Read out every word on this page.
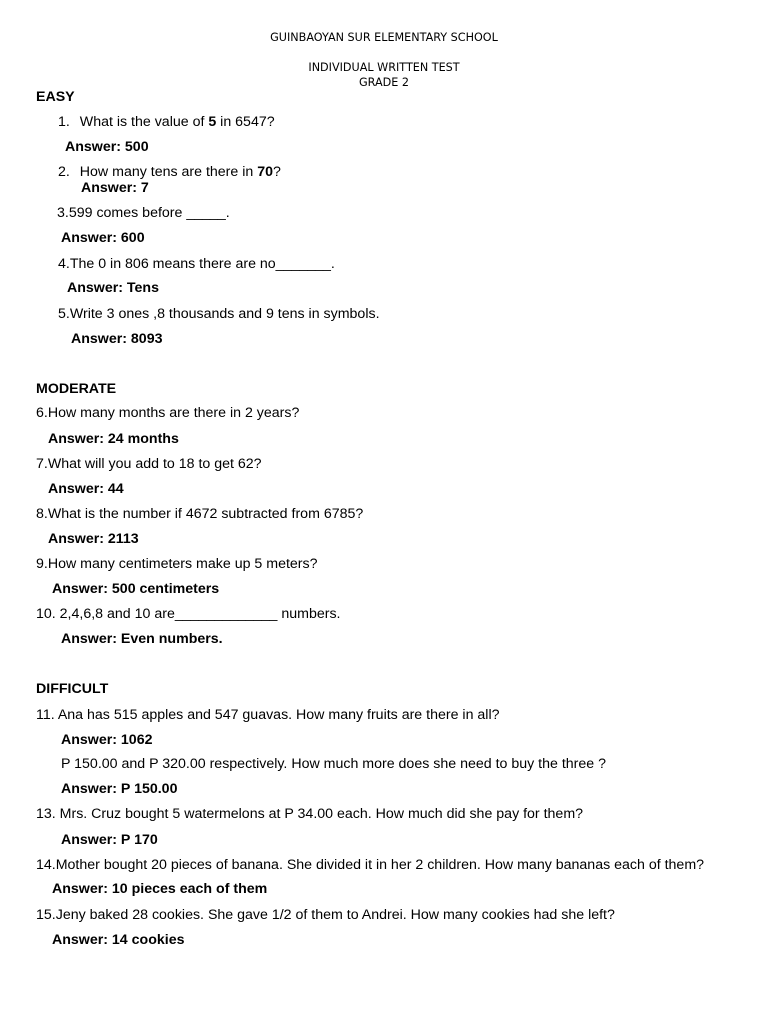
GUINBAOYAN SUR ELEMENTARY SCHOOL
INDIVIDUAL WRITTEN TEST
GRADE 2
EASY
1. What is the value of 5 in 6547?
Answer: 500
2. How many tens are there in 70?
Answer: 7
3.599 comes before _____.
Answer: 600
4.The 0 in 806 means there are no_______.
Answer: Tens
5.Write 3 ones ,8 thousands and 9 tens in symbols.
Answer: 8093
MODERATE
6.How many months are there in 2 years?
Answer: 24 months
7.What will you add to 18 to get 62?
Answer: 44
8.What is the number if 4672 subtracted from 6785?
Answer: 2113
9.How many centimeters make up 5 meters?
Answer: 500 centimeters
10. 2,4,6,8 and 10 are_____________ numbers.
Answer: Even numbers.
DIFFICULT
11. Ana has 515 apples and 547 guavas. How many fruits are there in all?
Answer: 1062
P 150.00 and P 320.00 respectively. How much more does she need to buy the three ?
Answer: P 150.00
13. Mrs. Cruz bought 5 watermelons at P 34.00 each. How much did she pay for them?
Answer: P 170
14.Mother bought 20 pieces of banana. She divided it in her 2 children. How many bananas each of them?
Answer: 10 pieces each of them
15.Jeny baked 28 cookies. She gave 1/2 of them to Andrei. How many cookies had she left?
Answer: 14 cookies
